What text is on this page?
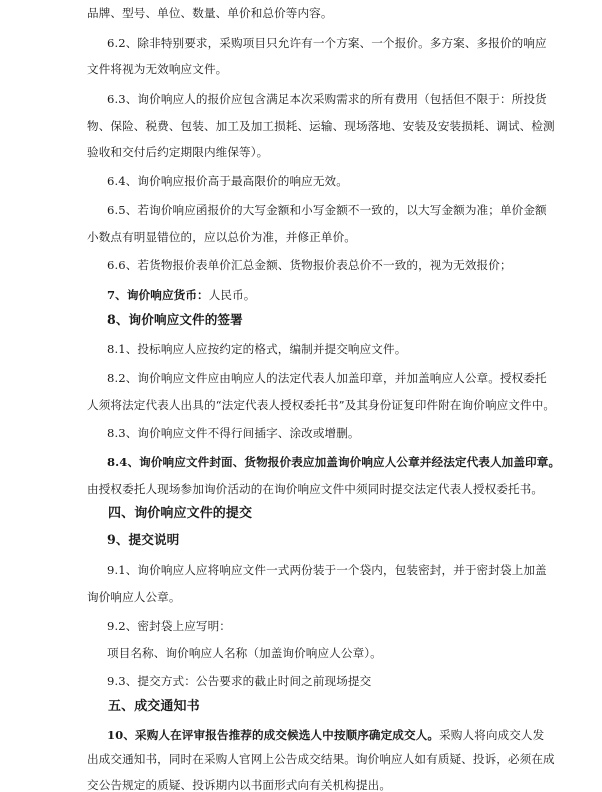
品牌、型号、单位、数量、单价和总价等内容。
6.2、除非特别要求，采购项目只允许有一个方案、一个报价。多方案、多报价的响应
文件将视为无效响应文件。
6.3、询价响应人的报价应包含满足本次采购需求的所有费用（包括但不限于：所投货
物、保险、税费、包装、加工及加工损耗、运输、现场落地、安装及安装损耗、调试、检测
验收和交付后约定期限内维保等）。
6.4、询价响应报价高于最高限价的响应无效。
6.5、若询价响应函报价的大写金额和小写金额不一致的，以大写金额为准；单价金额
小数点有明显错位的，应以总价为准，并修正单价。
6.6、若货物报价表单价汇总金额、货物报价表总价不一致的，视为无效报价；
7、询价响应货币：人民币。
8、询价响应文件的签署
8.1、投标响应人应按约定的格式，编制并提交响应文件。
8.2、询价响应文件应由响应人的法定代表人加盖印章，并加盖响应人公章。授权委托
人须将法定代表人出具的“法定代表人授权委托书”及其身份证复印件附在询价响应文件中。
8.3、询价响应文件不得行间插字、涂改或增删。
8.4、询价响应文件封面、货物报价表应加盖询价响应人公章并经法定代表人加盖印章。
由授权委托人现场参加询价活动的在询价响应文件中须同时提交法定代表人授权委托书。
四、询价响应文件的提交
9、提交说明
9.1、询价响应人应将响应文件一式两份装于一个袋内，包装密封，并于密封袋上加盖
询价响应人公章。
9.2、密封袋上应写明：
项目名称、询价响应人名称（加盖询价响应人公章）。
9.3、提交方式：公告要求的截止时间之前现场提交
五、成交通知书
10、采购人在评审报告推荐的成交候选人中按顺序确定成交人。采购人将向成交人发
出成交通知书，同时在采购人官网上公告成交结果。询价响应人如有质疑、投诉，必须在成
交公告规定的质疑、投诉期内以书面形式向有关机构提出。
